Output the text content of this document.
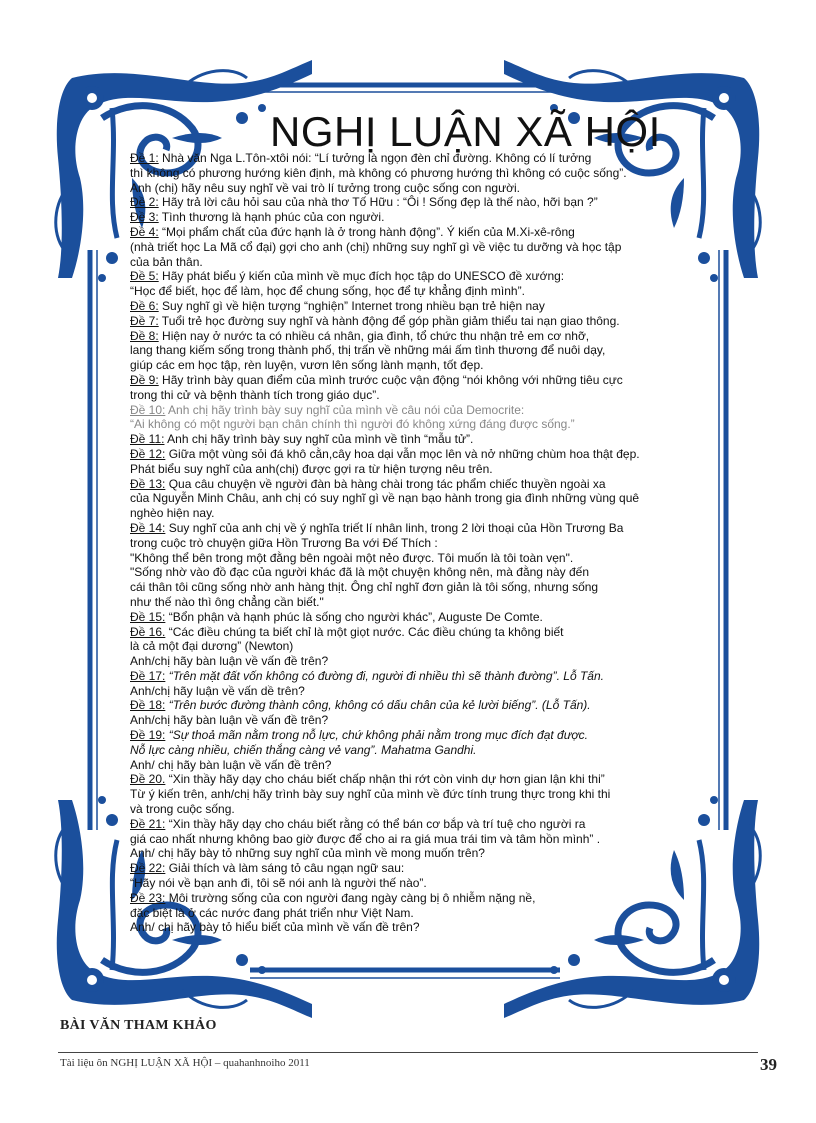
NGHỊ LUẬN XÃ HỘI
Đề 1: Nhà văn Nga L.Tôn-xtôi nói: “Lí tưởng là ngọn đèn chỉ đường. Không có lí tưởng
thì không có phương hướng kiên định, mà không có phương hướng thì không có cuộc sống”.
Anh (chị) hãy nêu suy nghĩ về vai trò lí tưởng trong cuộc sống con người.
Đề 2: Hãy trả lời câu hỏi sau của nhà thơ Tố Hữu : “Ôi ! Sống đẹp là thế nào, hỡi bạn ?”
Đề 3: Tình thương là hạnh phúc của con người.
Đề 4: “Mọi phẩm chất của đức hạnh là ở trong hành động”. Ý kiến của M.Xi-xê-rông
(nhà triết học La Mã cổ đại) gợi cho anh (chị) những suy nghĩ gì về việc tu dưỡng và học tập
của bản thân.
Đề 5: Hãy phát biểu ý kiến của mình về mục đích học tập do UNESCO đề xướng:
“Học để biết, học để làm, học để chung sống, học để tự khẳng định mình”.
Đề 6: Suy nghĩ gì về hiện tượng “nghiện” Internet trong nhiều bạn trẻ hiện nay
Đề 7: Tuổi trẻ học đường suy nghĩ và hành động để góp phần giảm thiểu tai nạn giao thông.
Đề 8: Hiện nay ở nước ta có nhiều cá nhân, gia đình, tổ chức thu nhận trẻ em cơ nhỡ,
lang thang kiếm sống trong thành phố, thị trấn về những mái ấm tình thương để nuôi dạy,
giúp các em học tập, rèn luyện, vươn lên sống lành mạnh, tốt đẹp.
Đề 9: Hãy trình bày quan điểm của mình trước cuộc vận động “nói không với những tiêu cực
trong thi cử và bệnh thành tích trong giáo dục”.
Đề 10: Anh chị hãy trình bày suy nghĩ của mình về câu nói của Democrite:
“Ai không có một người bạn chân chính thì người đó không xứng đáng được sống.”
Đề 11: Anh chị hãy trình bày suy nghĩ của mình về tình “mẫu tử”.
Đề 12: Giữa một vùng sỏi đá khô cằn,cây hoa dại vẫn mọc lên và nở những chùm hoa thật đẹp.
Phát biểu suy nghĩ của anh(chị) được gợi ra từ hiện tượng nêu trên.
Đề 13: Qua câu chuyện về người đàn bà hàng chài trong tác phẩm chiếc thuyền ngoài xa
của Nguyễn Minh Châu, anh chị có suy nghĩ gì về nạn bạo hành trong gia đình những vùng quê
nghèo hiện nay.
Đề 14: Suy nghĩ của anh chị về ý nghĩa triết lí nhân linh, trong 2 lời thoại của Hồn Trương Ba
trong cuộc trò chuyện giữa Hồn Trương Ba với Đế Thích :
"Không thể bên trong một đằng bên ngoài một nẻo được. Tôi muốn là tôi toàn vẹn".
"Sống nhờ vào đồ đạc của người khác đã là một chuyện không nên, mà đằng này đến
cái thân tôi cũng sống nhờ anh hàng thịt. Ông chỉ nghĩ đơn giản là tôi sống, nhưng sống
như thế nào thì ông chẳng cần biết."
Đề 15: “Bổn phận và hạnh phúc là sống cho người khác”, Auguste De Comte.
Đề 16. “Các điều chúng ta biết chỉ là một giọt nước. Các điều chúng ta không biết
là cả một đại dương” (Newton)
Anh/chị hãy bàn luận về vấn đề trên?
Đề 17: “Trên mặt đất vốn không có đường đi, người đi nhiều thì sẽ thành đường”. Lỗ Tấn.
Anh/chị hãy luận về vấn dề trên?
Đề 18: “Trên bước đường thành công, không có dấu chân của kẻ lười biếng”. (Lỗ Tấn).
Anh/chị hãy bàn luận về vấn đề trên?
Đề 19: “Sự thoả mãn nằm trong nỗ lực, chứ không phải nằm trong mục đích đạt được.
Nỗ lực càng nhiều, chiến thắng càng vẻ vang”. Mahatma Gandhi.
Anh/ chị hãy bàn luận về vấn đề trên?
Đề 20. “Xin thầy hãy dạy cho cháu biết chấp nhận thi rớt còn vinh dự hơn gian lận khi thi”
Từ ý kiến trên, anh/chị hãy trình bày suy nghĩ của mình về đức tính trung thực trong khi thi
và trong cuộc sống.
Đề 21: “Xin thầy hãy dạy cho cháu biết rằng có thể bán cơ bắp và trí tuệ cho người ra
giá cao nhất nhưng không bao giờ được để cho ai ra giá mua trái tim và tâm hồn mình” .
Anh/ chị hãy bày tỏ những suy nghĩ của mình về mong muốn trên?
Đề 22: Giải thích và làm sáng tỏ câu ngạn ngữ sau:
“Hãy nói về bạn anh đi, tôi sẽ nói anh là người thế nào”.
Đề 23: Môi trường sống của con người đang ngày càng bị ô nhiễm nặng nề,
đặc biệt là ở các nước đang phát triển như Việt Nam.
Anh/ chị hãy bày tỏ hiểu biết của mình về vấn đề trên?
BÀI VĂN THAM KHẢO
Tài liệu ôn NGHỊ LUẬN XÃ HỘI – quahanhnoiho 2011	39
